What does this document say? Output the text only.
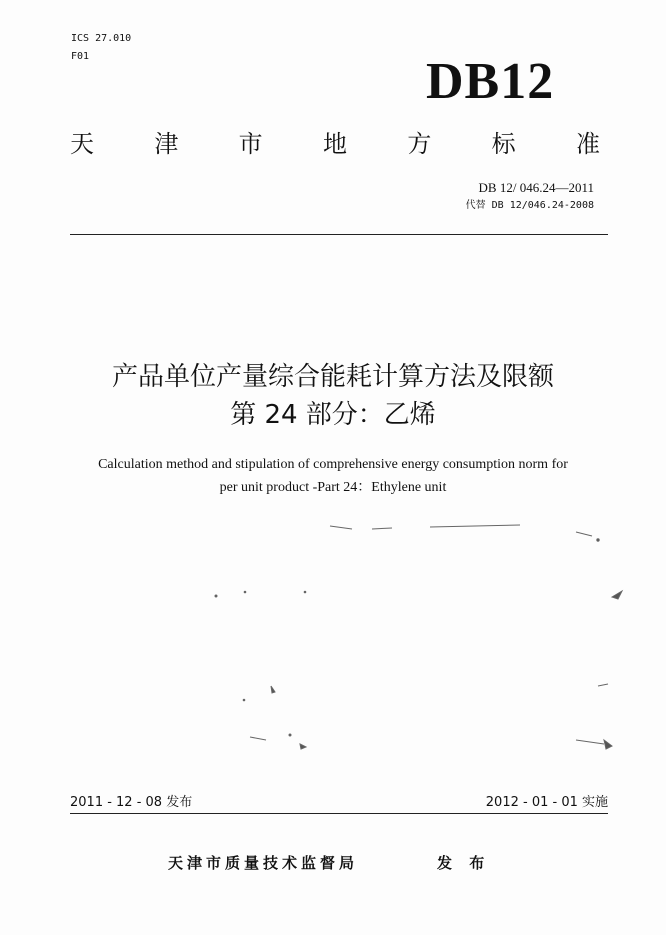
ICS 27.010
F01	DB12
天	津	市	地	方	标	准
DB 12/ 046.24—2011
代替 DB 12/046.24-2008
产品单位产量综合能耗计算方法及限额
第 24 部分：乙烯
Calculation method and stipulation of comprehensive energy consumption norm for
per unit product -Part 24：Ethylene unit
2011 - 12 - 08 发布	2012 - 01 - 01 实施
天津市质量技术监督局	发 布
